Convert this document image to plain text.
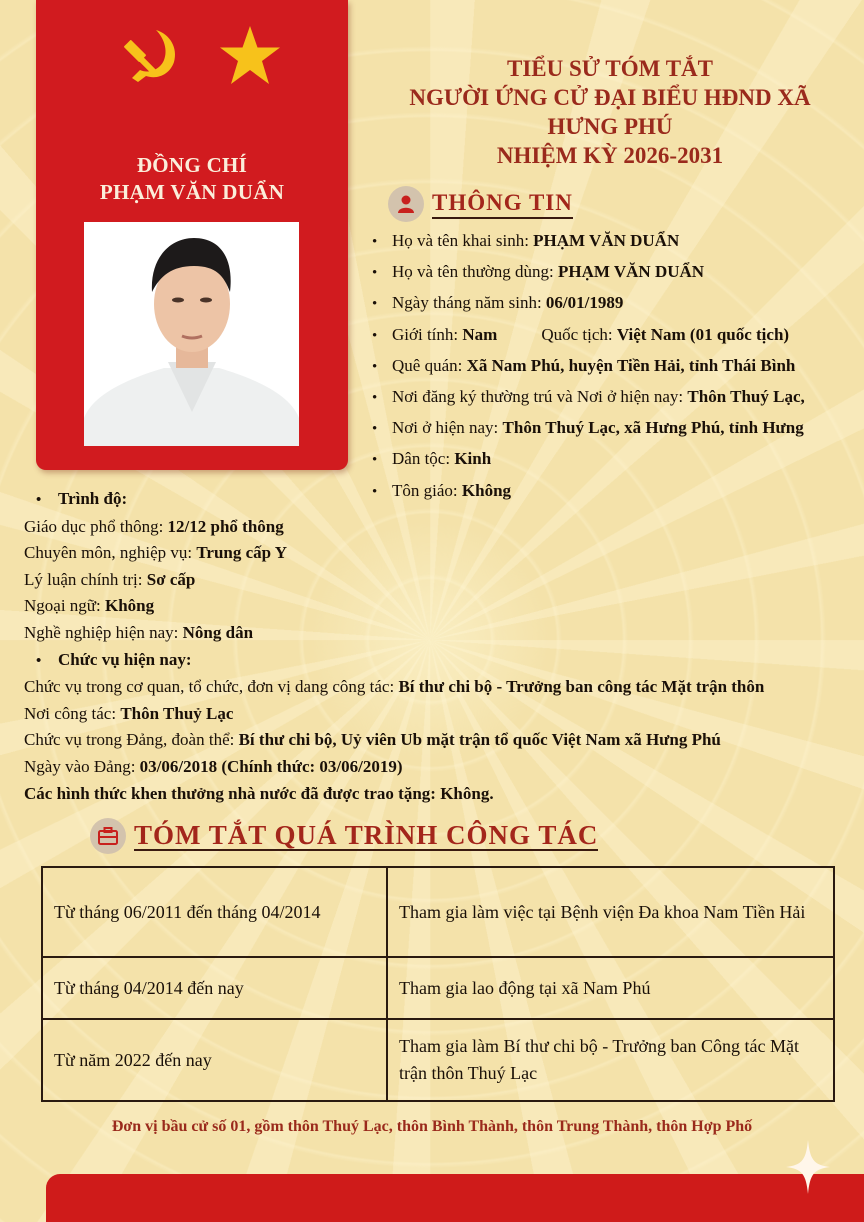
ĐỒNG CHÍ
PHẠM VĂN DUẨN
TIỂU SỬ TÓM TẮT
NGƯỜI ỨNG CỬ ĐẠI BIỂU HĐND XÃ
HƯNG PHÚ
NHIỆM KỲ 2026-2031
THÔNG TIN
• Họ và tên khai sinh: PHẠM VĂN DUẨN
• Họ và tên thường dùng: PHẠM VĂN DUẨN
• Ngày tháng năm sinh: 06/01/1989
• Giới tính: Nam	Quốc tịch: Việt Nam (01 quốc tịch)
• Quê quán: Xã Nam Phú, huyện Tiền Hải, tỉnh Thái Bình
• Nơi đăng ký thường trú và Nơi ở hiện nay: Thôn Thuý Lạc,
• Nơi ở hiện nay: Thôn Thuý Lạc, xã Hưng Phú, tỉnh Hưng
• Dân tộc: Kinh
• Tôn giáo: Không
• Trình độ:
Giáo dục phổ thông: 12/12 phổ thông
Chuyên môn, nghiệp vụ: Trung cấp Y
Lý luận chính trị: Sơ cấp
Ngoại ngữ: Không
Nghề nghiệp hiện nay: Nông dân
• Chức vụ hiện nay:
Chức vụ trong cơ quan, tổ chức, đơn vị dang công tác: Bí thư chi bộ - Trưởng ban công tác Mặt trận thôn
Nơi công tác: Thôn Thuỷ Lạc
Chức vụ trong Đảng, đoàn thể: Bí thư chi bộ, Uỷ viên Ub mặt trận tổ quốc Việt Nam xã Hưng Phú
Ngày vào Đảng: 03/06/2018 (Chính thức: 03/06/2019)
Các hình thức khen thưởng nhà nước đã được trao tặng: Không.
TÓM TẮT QUÁ TRÌNH CÔNG TÁC
Từ tháng 06/2011 đến tháng 04/2014	Tham gia làm việc tại Bệnh viện Đa khoa Nam Tiền Hải
Từ tháng 04/2014 đến nay	Tham gia lao động tại xã Nam Phú
Từ năm 2022 đến nay	Tham gia làm Bí thư chi bộ - Trưởng ban Công tác Mặt trận thôn Thuý Lạc
Đơn vị bầu cử số 01, gồm thôn Thuý Lạc, thôn Bình Thành, thôn Trung Thành, thôn Hợp Phố
